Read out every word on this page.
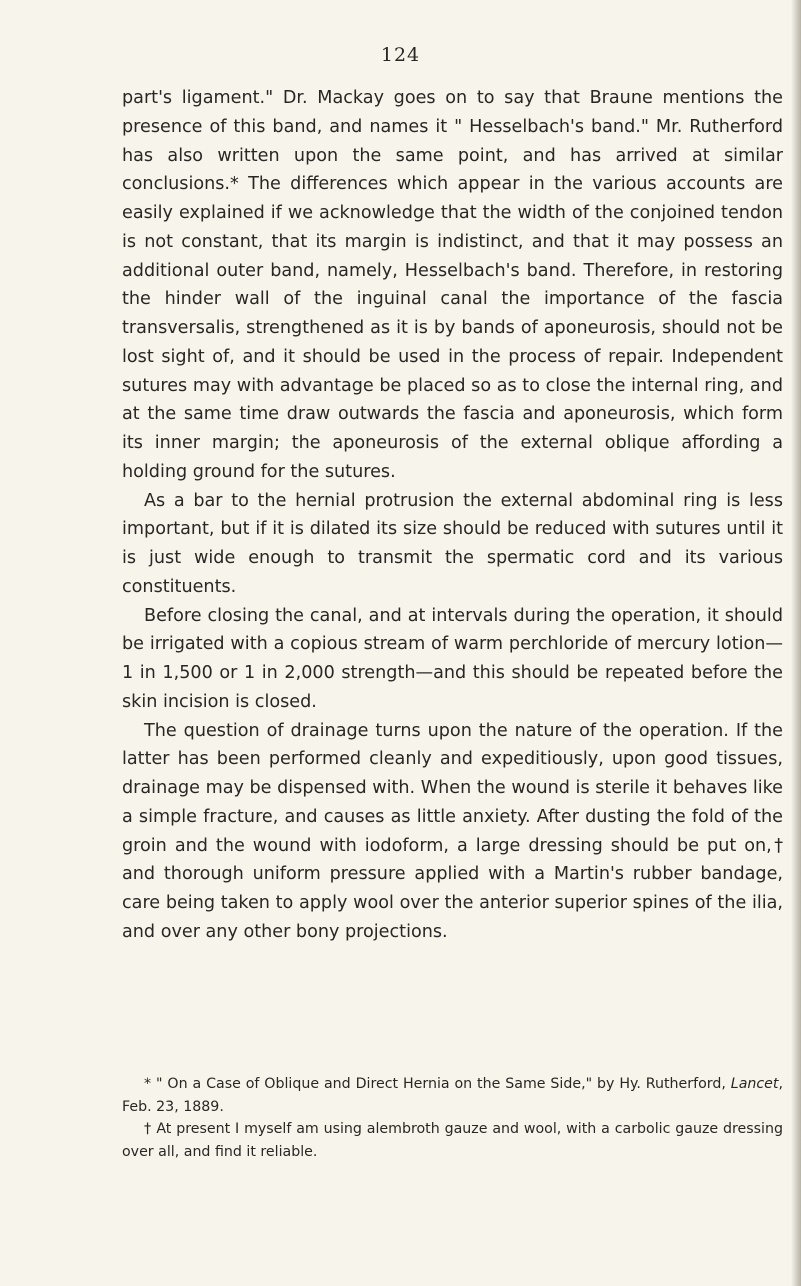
124

part's ligament." Dr. Mackay goes on to say that Braune mentions the presence of this band, and names it " Hesselbach's band." Mr. Rutherford has also written upon the same point, and has arrived at similar conclusions.* The differences which appear in the various accounts are easily explained if we acknowledge that the width of the conjoined tendon is not constant, that its margin is indistinct, and that it may possess an additional outer band, namely, Hesselbach's band. Therefore, in restoring the hinder wall of the inguinal canal the importance of the fascia transversalis, strengthened as it is by bands of aponeurosis, should not be lost sight of, and it should be used in the process of repair. Independent sutures may with advantage be placed so as to close the internal ring, and at the same time draw outwards the fascia and aponeurosis, which form its inner margin; the aponeurosis of the external oblique affording a holding ground for the sutures.

As a bar to the hernial protrusion the external abdominal ring is less important, but if it is dilated its size should be reduced with sutures until it is just wide enough to transmit the spermatic cord and its various constituents.

Before closing the canal, and at intervals during the operation, it should be irrigated with a copious stream of warm perchloride of mercury lotion—1 in 1,500 or 1 in 2,000 strength—and this should be repeated before the skin incision is closed.

The question of drainage turns upon the nature of the operation. If the latter has been performed cleanly and expeditiously, upon good tissues, drainage may be dispensed with. When the wound is sterile it behaves like a simple fracture, and causes as little anxiety. After dusting the fold of the groin and the wound with iodoform, a large dressing should be put on,† and thorough uniform pressure applied with a Martin's rubber bandage, care being taken to apply wool over the anterior superior spines of the ilia, and over any other bony projections.

* " On a Case of Oblique and Direct Hernia on the Same Side," by Hy. Rutherford, Lancet, Feb. 23, 1889.

† At present I myself am using alembroth gauze and wool, with a carbolic gauze dressing over all, and find it reliable.
